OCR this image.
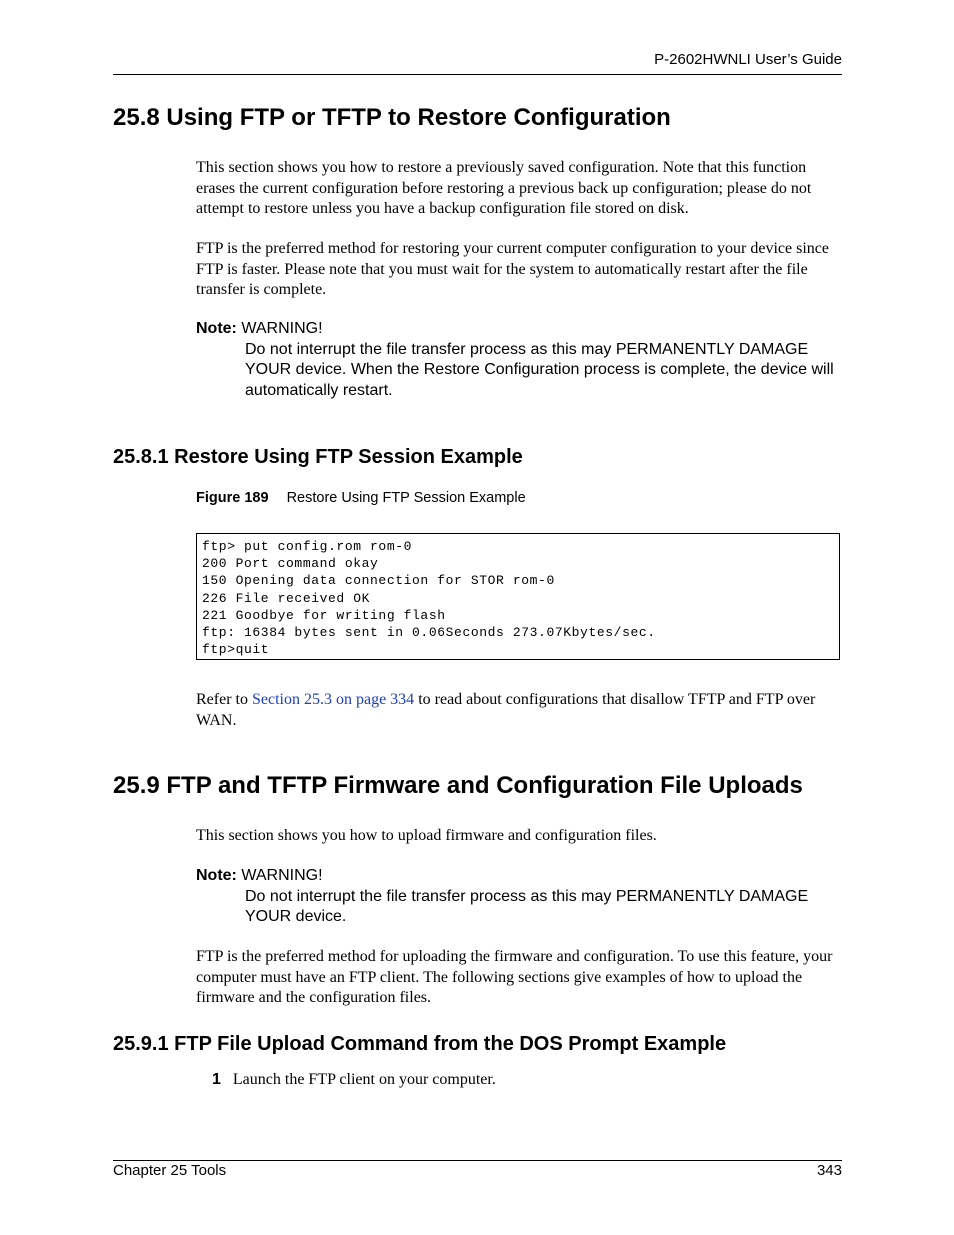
P-2602HWNLI User’s Guide
25.8 Using FTP or TFTP to Restore Configuration

This section shows you how to restore a previously saved configuration. Note that this function erases the current configuration before restoring a previous back up configuration; please do not attempt to restore unless you have a backup configuration file stored on disk.

FTP is the preferred method for restoring your current computer configuration to your device since FTP is faster. Please note that you must wait for the system to automatically restart after the file transfer is complete.

Note: WARNING!
Do not interrupt the file transfer process as this may PERMANENTLY DAMAGE YOUR device. When the Restore Configuration process is complete, the device will automatically restart.
25.8.1 Restore Using FTP Session Example
Figure 189 Restore Using FTP Session Example
ftp> put config.rom rom-0
200 Port command okay
150 Opening data connection for STOR rom-0
226 File received OK
221 Goodbye for writing flash
ftp: 16384 bytes sent in 0.06Seconds 273.07Kbytes/sec.
ftp>quit

Refer to Section 25.3 on page 334 to read about configurations that disallow TFTP and FTP over WAN.

25.9 FTP and TFTP Firmware and Configuration File Uploads

This section shows you how to upload firmware and configuration files.

Note: WARNING!
Do not interrupt the file transfer process as this may PERMANENTLY DAMAGE YOUR device.

FTP is the preferred method for uploading the firmware and configuration. To use this feature, your computer must have an FTP client. The following sections give examples of how to upload the firmware and the configuration files.

25.9.1 FTP File Upload Command from the DOS Prompt Example
1 Launch the FTP client on your computer.
Chapter 25 Tools	343
